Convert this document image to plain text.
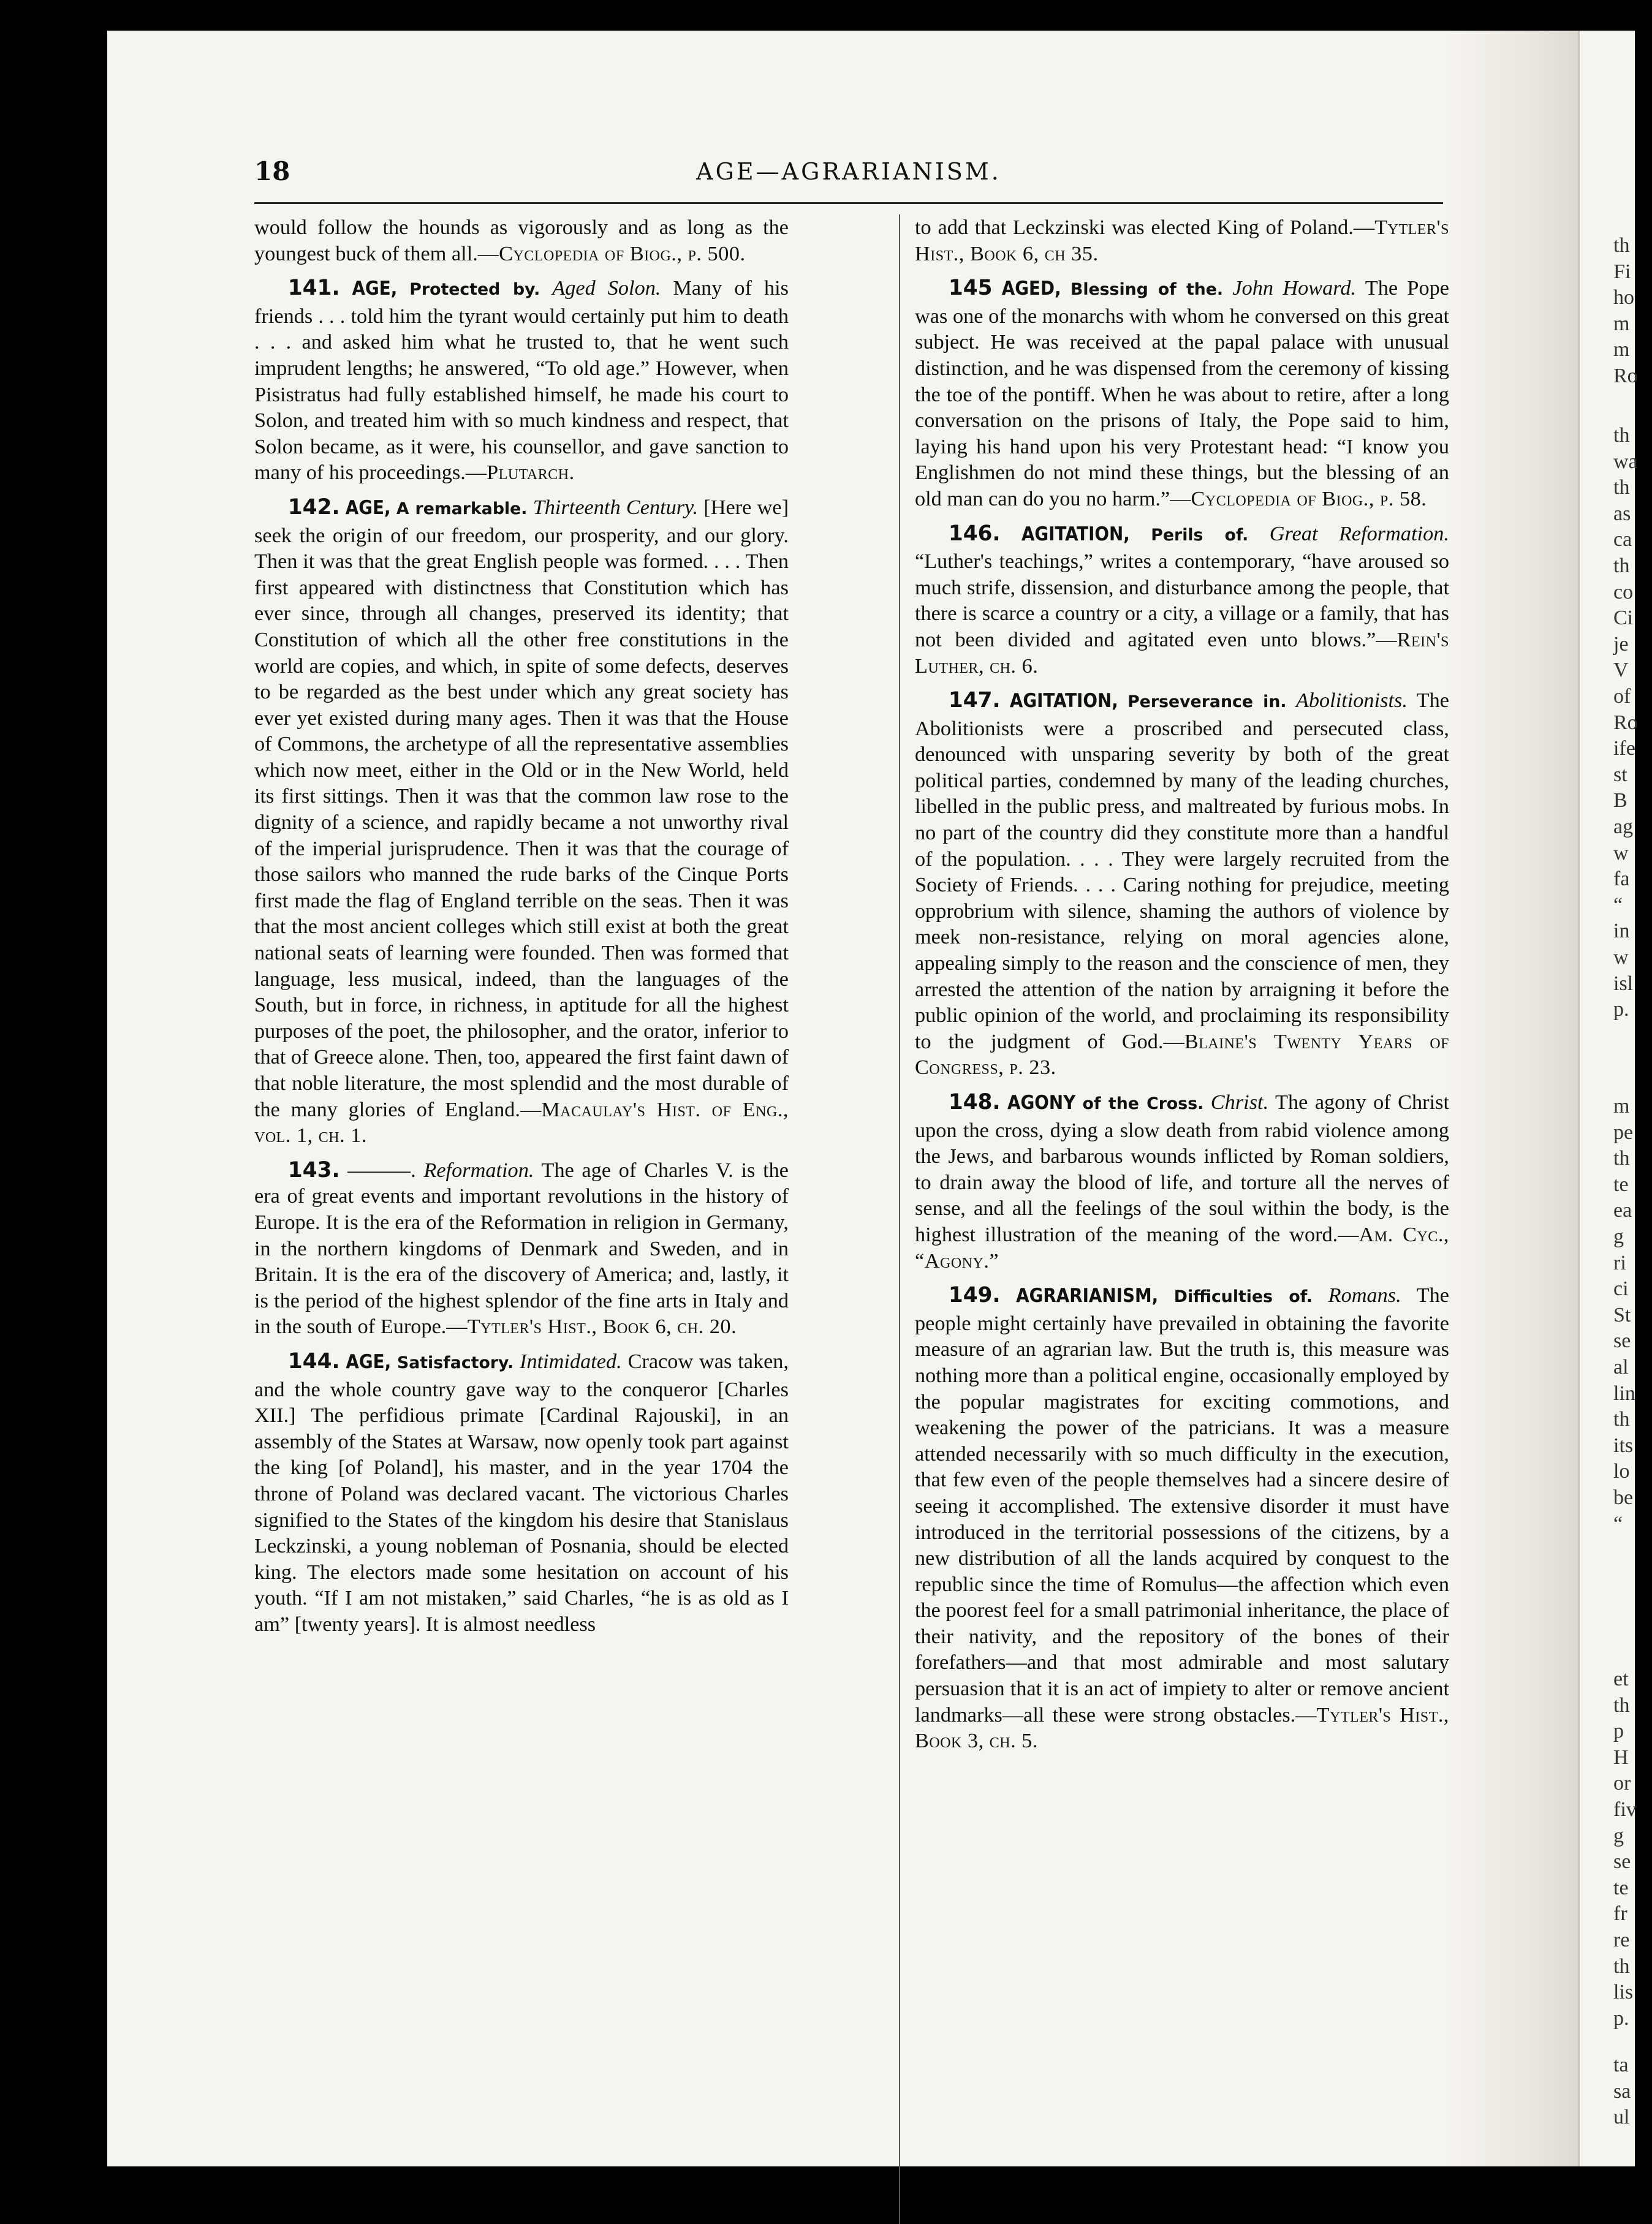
18	AGE—AGRARIANISM.

would follow the hounds as vigorously and as long as the youngest buck of them all.—Cyclopedia of Biog., p. 500.

141. AGE, Protected by. Aged Solon. Many of his friends . . . told him the tyrant would certainly put him to death . . . and asked him what he trusted to, that he went such imprudent lengths; he answered, “To old age.” However, when Pisistratus had fully established himself, he made his court to Solon, and treated him with so much kindness and respect, that Solon became, as it were, his counsellor, and gave sanction to many of his proceedings.—Plutarch.

142. AGE, A remarkable. Thirteenth Century. [Here we] seek the origin of our freedom, our prosperity, and our glory. Then it was that the great English people was formed. . . . Then first appeared with distinctness that Constitution which has ever since, through all changes, preserved its identity; that Constitution of which all the other free constitutions in the world are copies, and which, in spite of some defects, deserves to be regarded as the best under which any great society has ever yet existed during many ages. Then it was that the House of Commons, the archetype of all the representative assemblies which now meet, either in the Old or in the New World, held its first sittings. Then it was that the common law rose to the dignity of a science, and rapidly became a not unworthy rival of the imperial jurisprudence. Then it was that the courage of those sailors who manned the rude barks of the Cinque Ports first made the flag of England terrible on the seas. Then it was that the most ancient colleges which still exist at both the great national seats of learning were founded. Then was formed that language, less musical, indeed, than the languages of the South, but in force, in richness, in aptitude for all the highest purposes of the poet, the philosopher, and the orator, inferior to that of Greece alone. Then, too, appeared the first faint dawn of that noble literature, the most splendid and the most durable of the many glories of England.—Macaulay's Hist. of Eng., vol. 1, ch. 1.

143. ———. Reformation. The age of Charles V. is the era of great events and important revolutions in the history of Europe. It is the era of the Reformation in religion in Germany, in the northern kingdoms of Denmark and Sweden, and in Britain. It is the era of the discovery of America; and, lastly, it is the period of the highest splendor of the fine arts in Italy and in the south of Europe.—Tytler's Hist., Book 6, ch. 20.

144. AGE, Satisfactory. Intimidated. Cracow was taken, and the whole country gave way to the conqueror [Charles XII.] The perfidious primate [Cardinal Rajouski], in an assembly of the States at Warsaw, now openly took part against the king [of Poland], his master, and in the year 1704 the throne of Poland was declared vacant. The victorious Charles signified to the States of the kingdom his desire that Stanislaus Leckzinski, a young nobleman of Posnania, should be elected king. The electors made some hesitation on account of his youth. “If I am not mistaken,” said Charles, “he is as old as I am” [twenty years]. It is almost needless

to add that Leckzinski was elected King of Poland.—Tytler's Hist., Book 6, ch 35.

145 AGED, Blessing of the. John Howard. The Pope was one of the monarchs with whom he conversed on this great subject. He was received at the papal palace with unusual distinction, and he was dispensed from the ceremony of kissing the toe of the pontiff. When he was about to retire, after a long conversation on the prisons of Italy, the Pope said to him, laying his hand upon his very Protestant head: “I know you Englishmen do not mind these things, but the blessing of an old man can do you no harm.”—Cyclopedia of Biog., p. 58.

146. AGITATION, Perils of. Great Reformation. “Luther's teachings,” writes a contemporary, “have aroused so much strife, dissension, and disturbance among the people, that there is scarce a country or a city, a village or a family, that has not been divided and agitated even unto blows.”—Rein's Luther, ch. 6.

147. AGITATION, Perseverance in. Abolitionists. The Abolitionists were a proscribed and persecuted class, denounced with unsparing severity by both of the great political parties, condemned by many of the leading churches, libelled in the public press, and maltreated by furious mobs. In no part of the country did they constitute more than a handful of the population. . . . They were largely recruited from the Society of Friends. . . . Caring nothing for prejudice, meeting opprobrium with silence, shaming the authors of violence by meek non-resistance, relying on moral agencies alone, appealing simply to the reason and the conscience of men, they arrested the attention of the nation by arraigning it before the public opinion of the world, and proclaiming its responsibility to the judgment of God.—Blaine's Twenty Years of Congress, p. 23.

148. AGONY of the Cross. Christ. The agony of Christ upon the cross, dying a slow death from rabid violence among the Jews, and barbarous wounds inflicted by Roman soldiers, to drain away the blood of life, and torture all the nerves of sense, and all the feelings of the soul within the body, is the highest illustration of the meaning of the word.—Am. Cyc., “Agony.”

149. AGRARIANISM, Difficulties of. Romans. The people might certainly have prevailed in obtaining the favorite measure of an agrarian law. But the truth is, this measure was nothing more than a political engine, occasionally employed by the popular magistrates for exciting commotions, and weakening the power of the patricians. It was a measure attended necessarily with so much difficulty in the execution, that few even of the people themselves had a sincere desire of seeing it accomplished. The extensive disorder it must have introduced in the territorial possessions of the citizens, by a new distribution of all the lands acquired by conquest to the republic since the time of Romulus—the affection which even the poorest feel for a small patrimonial inheritance, the place of their nativity, and the repository of the bones of their forefathers—and that most admirable and most salutary persuasion that it is an act of impiety to alter or remove ancient landmarks—all these were strong obstacles.—Tytler's Hist., Book 3, ch. 5.

th
Fi
ho
m
m
Ro
th
wa
th
as
ca
th
co
Ci
je
V
of
Ro
ife
st
B
ag
w
fa
“
in
w
isl
p.
m
pe
th
te
ea
g
ri
ci
St
se
al
lin
th
its
lo
be
“
et
th
p
H
or
fiv
g
se
te
fr
re
th
lis
p.
ta
sa
ul
